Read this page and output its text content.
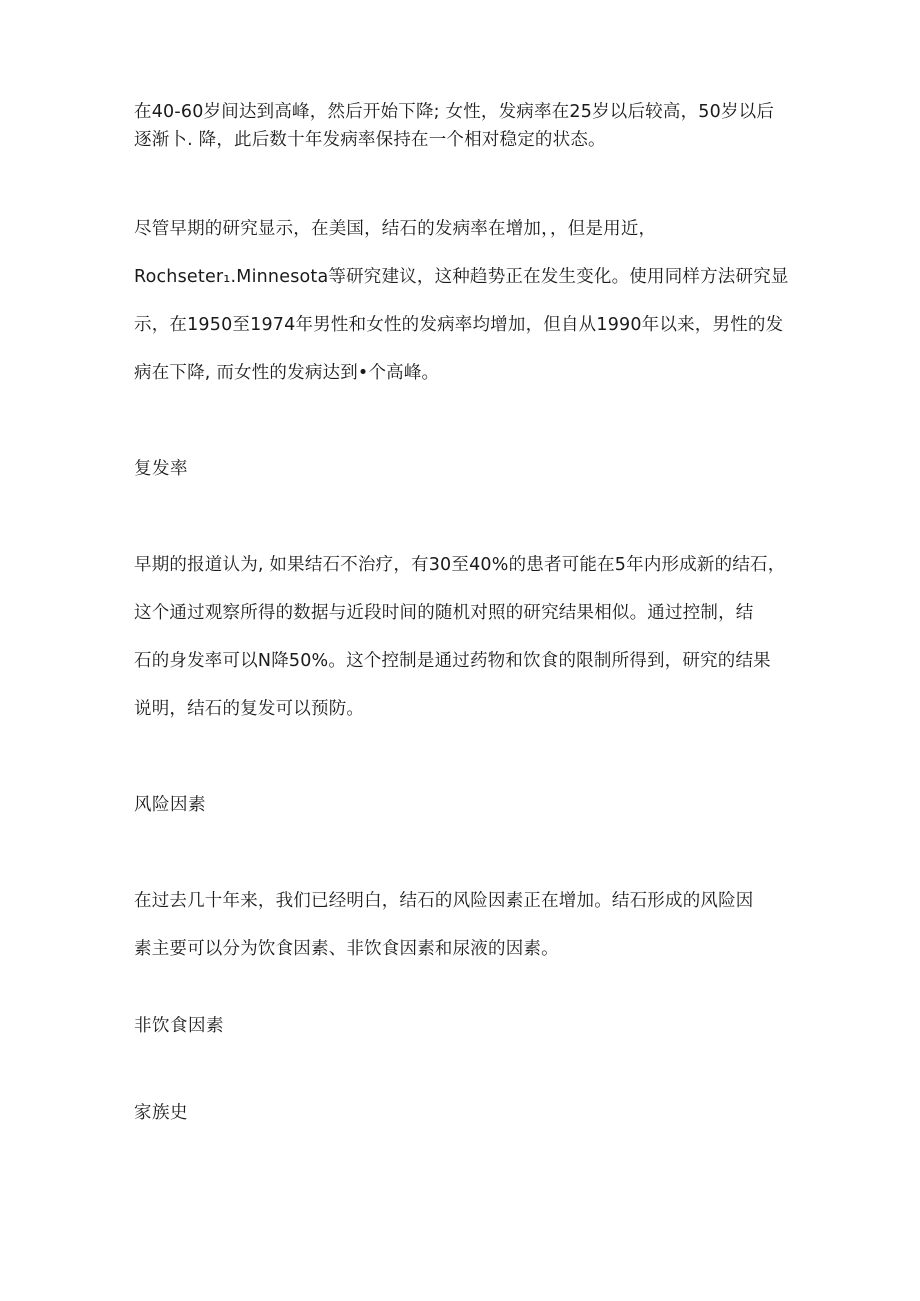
在40-60岁间达到高峰，然后开始下降; 女性，发病率在25岁以后较高，50岁以后
逐渐卜. 降，此后数十年发病率保持在一个相对稳定的状态。
尽管早期的研究显示，在美国，结石的发病率在增加，，但是用近，
Rochseter₁.Minnesota等研究建议，这种趋势正在发生变化。使用同样方法研究显
示，在1950至1974年男性和女性的发病率均增加，但自从1990年以来，男性的发
病在下降, 而女性的发病达到•个高峰。
复发率
早期的报道认为, 如果结石不治疗，有30至40%的患者可能在5年内形成新的结石，
这个通过观察所得的数据与近段时间的随机对照的研究结果相似。通过控制，结
石的身发率可以N降50%。这个控制是通过药物和饮食的限制所得到，研究的结果
说明，结石的复发可以预防。
风险因素
在过去几十年来，我们已经明白，结石的风险因素正在增加。结石形成的风险因
素主要可以分为饮食因素、非饮食因素和尿液的因素。
非饮食因素
家族史
